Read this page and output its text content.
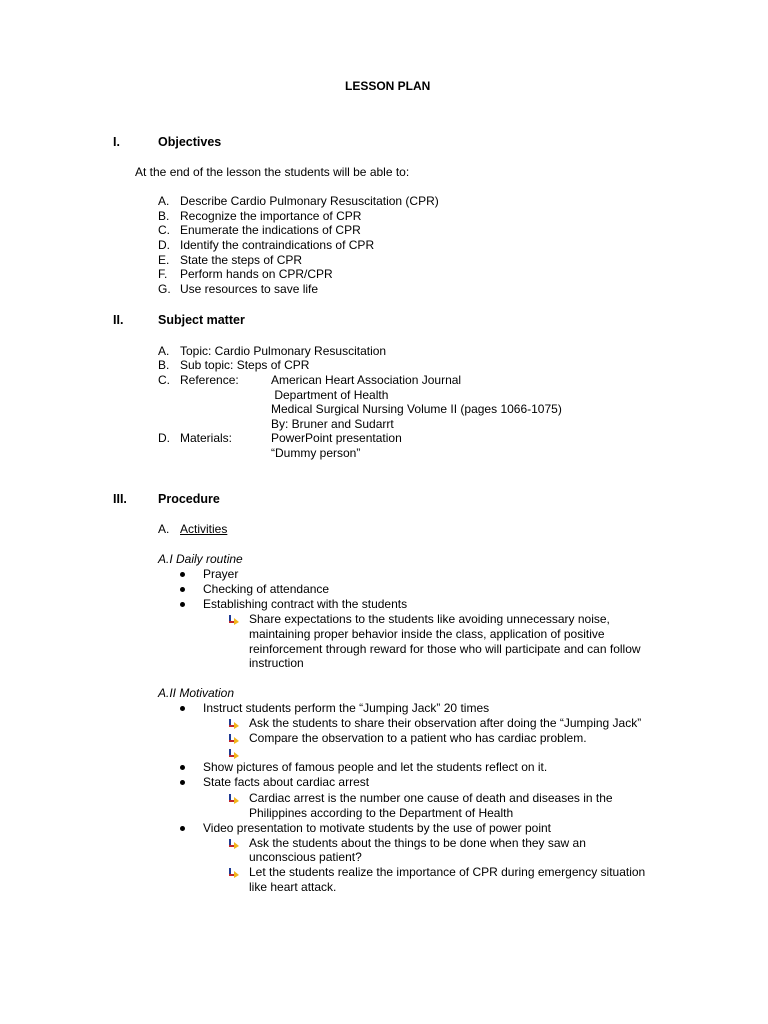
LESSON PLAN
I.	Objectives
At the end of the lesson the students will be able to:
A. Describe Cardio Pulmonary Resuscitation (CPR)
B. Recognize the importance of CPR
C. Enumerate the indications of CPR
D. Identify the contraindications of CPR
E. State the steps of CPR
F. Perform hands on CPR/CPR
G. Use resources to save life
II.	Subject matter
A. Topic: Cardio Pulmonary Resuscitation
B. Sub topic: Steps of CPR
C. Reference:	American Heart Association Journal
Department of Health
Medical Surgical Nursing Volume II (pages 1066-1075)
By: Bruner and Sudarrt
D. Materials:	PowerPoint presentation
“Dummy person”
III. Procedure
A. Activities
A.I Daily routine
Prayer
Checking of attendance
Establishing contract with the students
Share expectations to the students like avoiding unnecessary noise,
maintaining proper behavior inside the class, application of positive
reinforcement through reward for those who will participate and can follow
instruction
A.II Motivation
Instruct students perform the “Jumping Jack” 20 times
Ask the students to share their observation after doing the “Jumping Jack”
Compare the observation to a patient who has cardiac problem.
Show pictures of famous people and let the students reflect on it.
State facts about cardiac arrest
Cardiac arrest is the number one cause of death and diseases in the
Philippines according to the Department of Health
Video presentation to motivate students by the use of power point
Ask the students about the things to be done when they saw an
unconscious patient?
Let the students realize the importance of CPR during emergency situation
like heart attack.
